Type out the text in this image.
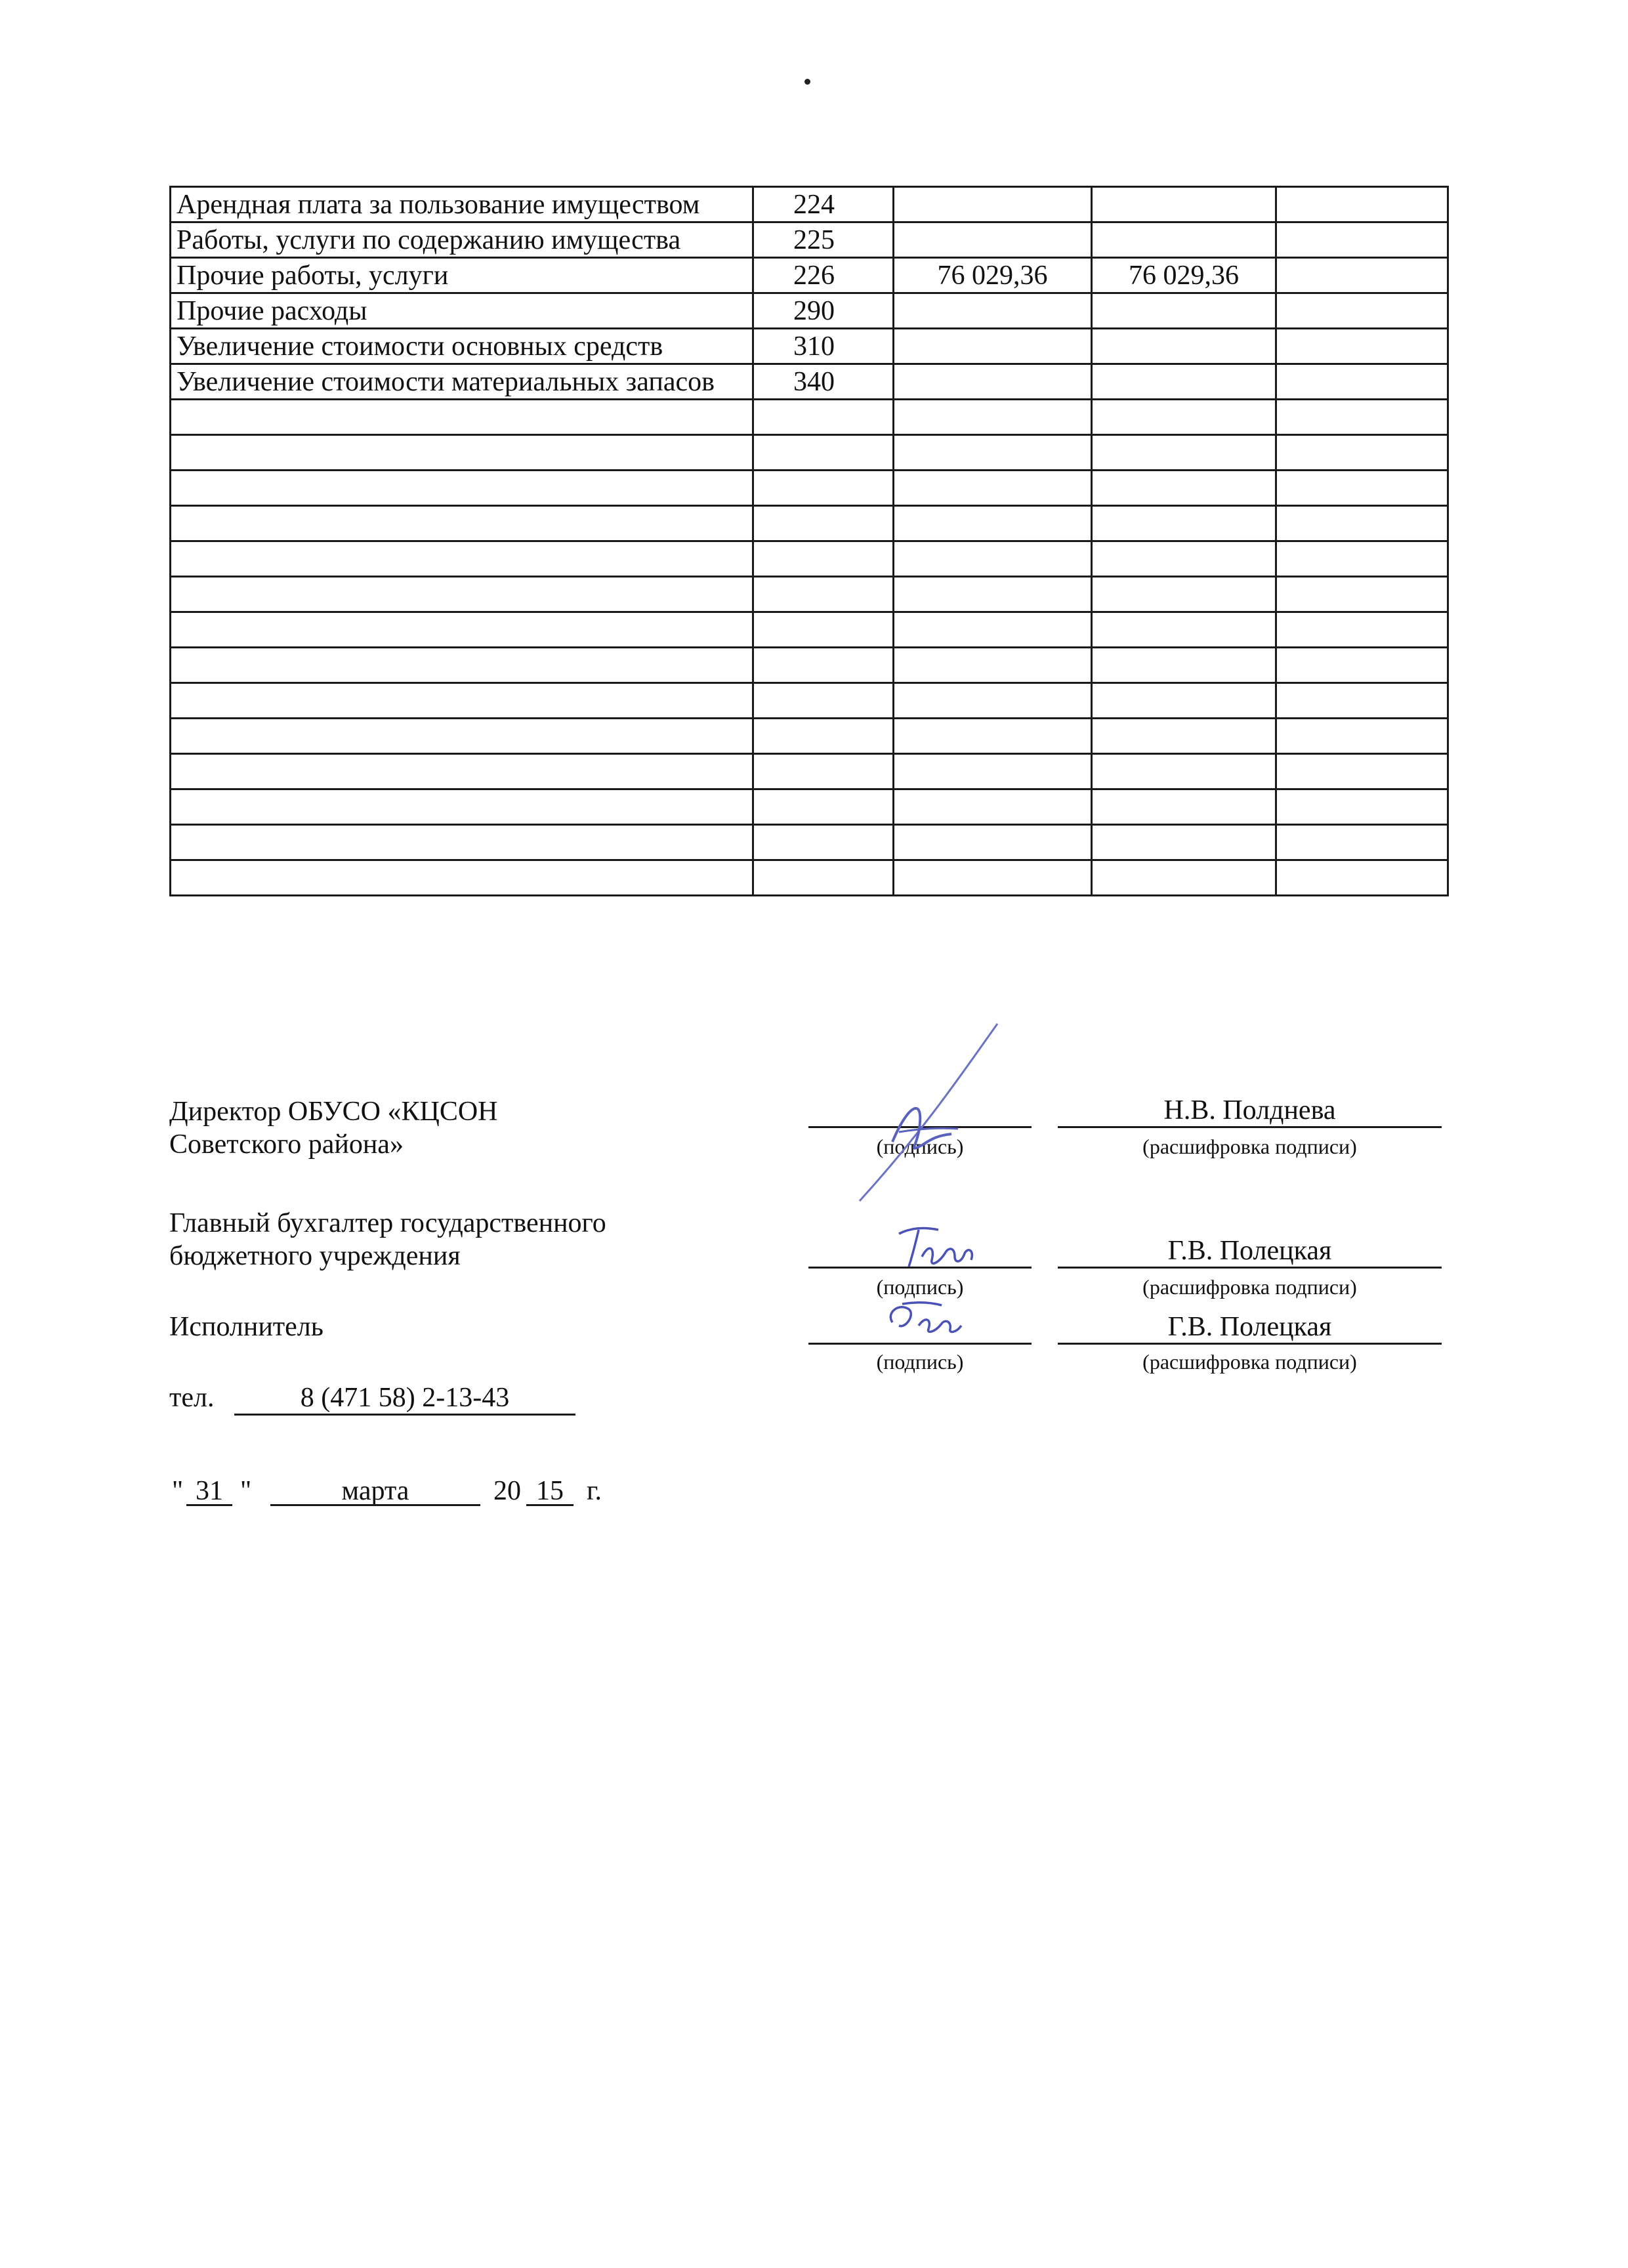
Арендная плата за пользование имуществом	224			
Работы, услуги по содержанию имущества	225			
Прочие работы, услуги	226	76 029,36	76 029,36	
Прочие расходы	290			
Увеличение стоимости основных средств	310			
Увеличение стоимости материальных запасов	340			

Директор ОБУСО «КЦСОН
Советского района»
Н.В. Полднева
(подпись)	(расшифровка подписи)
Главный бухгалтер государственного
бюджетного учреждения	Г.В. Полецкая
(подпись)	(расшифровка подписи)
Исполнитель	Г.В. Полецкая
(подпись)	(расшифровка подписи)
тел.	8 (471 58) 2-13-43
" 31 "	марта	20 15 г.
